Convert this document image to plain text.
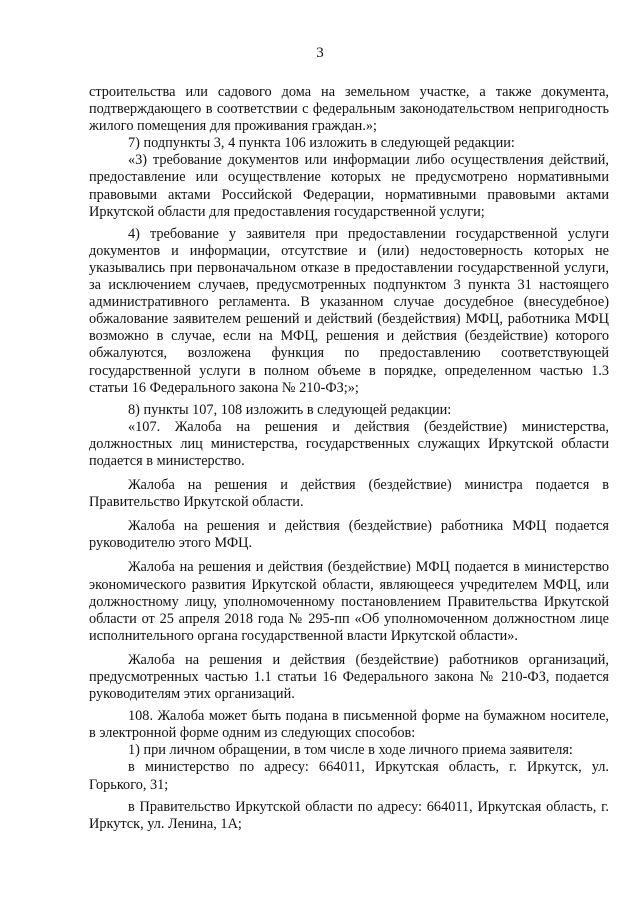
3

строительства или садового дома на земельном участке, а также документа, подтверждающего в соответствии с федеральным законодательством непригодность жилого помещения для проживания граждан.»;

7) подпункты 3, 4 пункта 106 изложить в следующей редакции:

«3) требование документов или информации либо осуществления действий, предоставление или осуществление которых не предусмотрено нормативными правовыми актами Российской Федерации, нормативными правовыми актами Иркутской области для предоставления государственной услуги;

4) требование у заявителя при предоставлении государственной услуги документов и информации, отсутствие и (или) недостоверность которых не указывались при первоначальном отказе в предоставлении государственной услуги, за исключением случаев, предусмотренных подпунктом 3 пункта 31 настоящего административного регламента. В указанном случае досудебное (внесудебное) обжалование заявителем решений и действий (бездействия) МФЦ, работника МФЦ возможно в случае, если на МФЦ, решения и действия (бездействие) которого обжалуются, возложена функция по предоставлению соответствующей государственной услуги в полном объеме в порядке, определенном частью 1.3 статьи 16 Федерального закона № 210-ФЗ;»;

8) пункты 107, 108 изложить в следующей редакции:

«107. Жалоба на решения и действия (бездействие) министерства, должностных лиц министерства, государственных служащих Иркутской области подается в министерство.

Жалоба на решения и действия (бездействие) министра подается в Правительство Иркутской области.

Жалоба на решения и действия (бездействие) работника МФЦ подается руководителю этого МФЦ.

Жалоба на решения и действия (бездействие) МФЦ подается в министерство экономического развития Иркутской области, являющееся учредителем МФЦ, или должностному лицу, уполномоченному постановлением Правительства Иркутской области от 25 апреля 2018 года № 295-пп «Об уполномоченном должностном лице исполнительного органа государственной власти Иркутской области».

Жалоба на решения и действия (бездействие) работников организаций, предусмотренных частью 1.1 статьи 16 Федерального закона № 210-ФЗ, подается руководителям этих организаций.

108. Жалоба может быть подана в письменной форме на бумажном носителе, в электронной форме одним из следующих способов:

1) при личном обращении, в том числе в ходе личного приема заявителя:

в министерство по адресу: 664011, Иркутская область, г. Иркутск, ул. Горького, 31;

в Правительство Иркутской области по адресу: 664011, Иркутская область, г. Иркутск, ул. Ленина, 1А;
